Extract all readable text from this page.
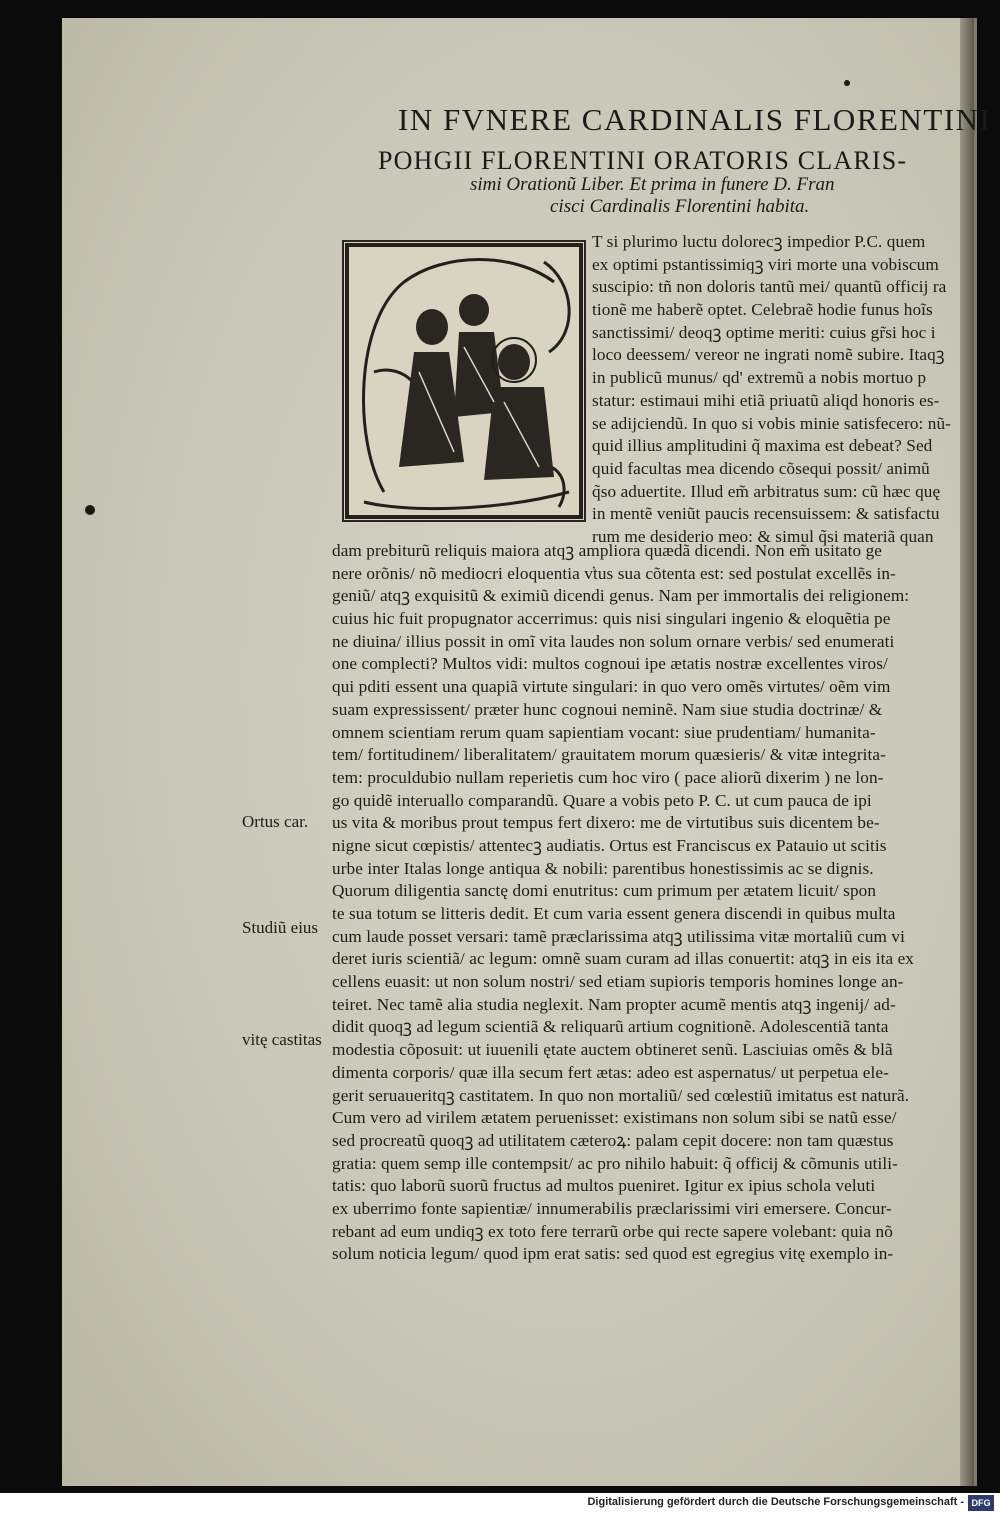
IN FVNERE CARDINALIS FLORENTINI
POHGII FLORENTINI ORATORIS CLARIS-
simi Orationũ Liber. Et prima in funere D. Fran
cisci Cardinalis Florentini habita.
T si plurimo luctu dolorecꝫ impedior P.C. quem
ex optimi pstantissimiqꝫ viri morte una vobiscum
suscipio: tñ non doloris tantũ mei/ quantũ officij ra
tionẽ me haberẽ optet. Celebraẽ hodie funus hoĩs
sanctissimi/ deoqꝫ optime meriti: cuius gr̃si hoc i
loco deessem/ vereor ne ingrati nomẽ subire. Itaqꝫ
in publicũ munus/ qd' extremũ a nobis mortuo p
statur: estimaui mihi etiã priuatũ aliqd honoris es-
se adijciendũ. In quo si vobis minie satisfecero: nũ-
quid illius amplitudini q̃ maxima est debeat? Sed
quid facultas mea dicendo cõsequi possit/ animũ
q̃so aduertite. Illud em̃ arbitratus sum: cũ hæc quę
in mentẽ veniũt paucis recensuissem: & satisfactu
rum me desiderio meo: & simul q̃si materiã quan
dam prebiturũ reliquis maiora atqꝫ ampliora quædã dicendi. Non em̃ usitato ge
nere orõnis/ nõ mediocri eloquentia v̕tus sua cõtenta est: sed postulat excellẽs in-
geniũ/ atqꝫ exquisitũ & eximiũ dicendi genus. Nam per immortalis dei religionem:
cuius hic fuit propugnator accerrimus: quis nisi singulari ingenio & eloquẽtia pe
ne diuina/ illius possit in omĩ vita laudes non solum ornare verbis/ sed enumerati
one complecti? Multos vidi: multos cognoui ipe ætatis nostræ excellentes viros/
qui pditi essent una quapiã virtute singulari: in quo vero omẽs virtutes/ oẽm vim
suam expressissent/ præter hunc cognoui neminẽ. Nam siue studia doctrinæ/ &
omnem scientiam rerum quam sapientiam vocant: siue prudentiam/ humanita-
tem/ fortitudinem/ liberalitatem/ grauitatem morum quæsieris/ & vitæ integrita-
tem: proculdubio nullam reperietis cum hoc viro ( pace aliorũ dixerim ) ne lon-
go quidẽ interuallo comparandũ. Quare a vobis peto P. C. ut cum pauca de ipi
us vita & moribus prout tempus fert dixero: me de virtutibus suis dicentem be-
nigne sicut cœpistis/ attentecꝫ audiatis. Ortus est Franciscus ex Patauio ut scitis
urbe inter Italas longe antiqua & nobili: parentibus honestissimis ac se dignis.
Quorum diligentia sanctę domi enutritus: cum primum per ætatem licuit/ spon
te sua totum se litteris dedit. Et cum varia essent genera discendi in quibus multa
cum laude posset versari: tamẽ præclarissima atqꝫ utilissima vitæ mortaliũ cum vi
deret iuris scientiã/ ac legum: omnẽ suam curam ad illas conuertit: atqꝫ in eis ita ex
cellens euasit: ut non solum nostri/ sed etiam supioris temporis homines longe an-
teiret. Nec tamẽ alia studia neglexit. Nam propter acumẽ mentis atqꝫ ingenij/ ad-
didit quoqꝫ ad legum scientiã & reliquarũ artium cognitionẽ. Adolescentiã tanta
modestia cõposuit: ut iuuenili ętate auctem obtineret senũ. Lasciuias omẽs & blã
dimenta corporis/ quæ illa secum fert ætas: adeo est aspernatus/ ut perpetua ele-
gerit seruaueritqꝫ castitatem. In quo non mortaliũ/ sed cœlestiũ imitatus est naturã.
Cum vero ad virilem ætatem peruenisset: existimans non solum sibi se natũ esse/
sed procreatũ quoqꝫ ad utilitatem cæteroꝝ: palam cepit docere: non tam quæstus
gratia: quem semp ille contempsit/ ac pro nihilo habuit: q̃ officij & cõmunis utili-
tatis: quo laborũ suorũ fructus ad multos pueniret. Igitur ex ipius schola veluti
ex uberrimo fonte sapientiæ/ innumerabilis præclarissimi viri emersere. Concur-
rebant ad eum undiqꝫ ex toto fere terrarũ orbe qui recte sapere volebant: quia nõ
solum noticia legum/ quod ipm erat satis: sed quod est egregius vitę exemplo in-
Ortus car.
Studiũ eius
vitę castitas
Digitalisierung gefördert durch die Deutsche Forschungsgemeinschaft - DFG
